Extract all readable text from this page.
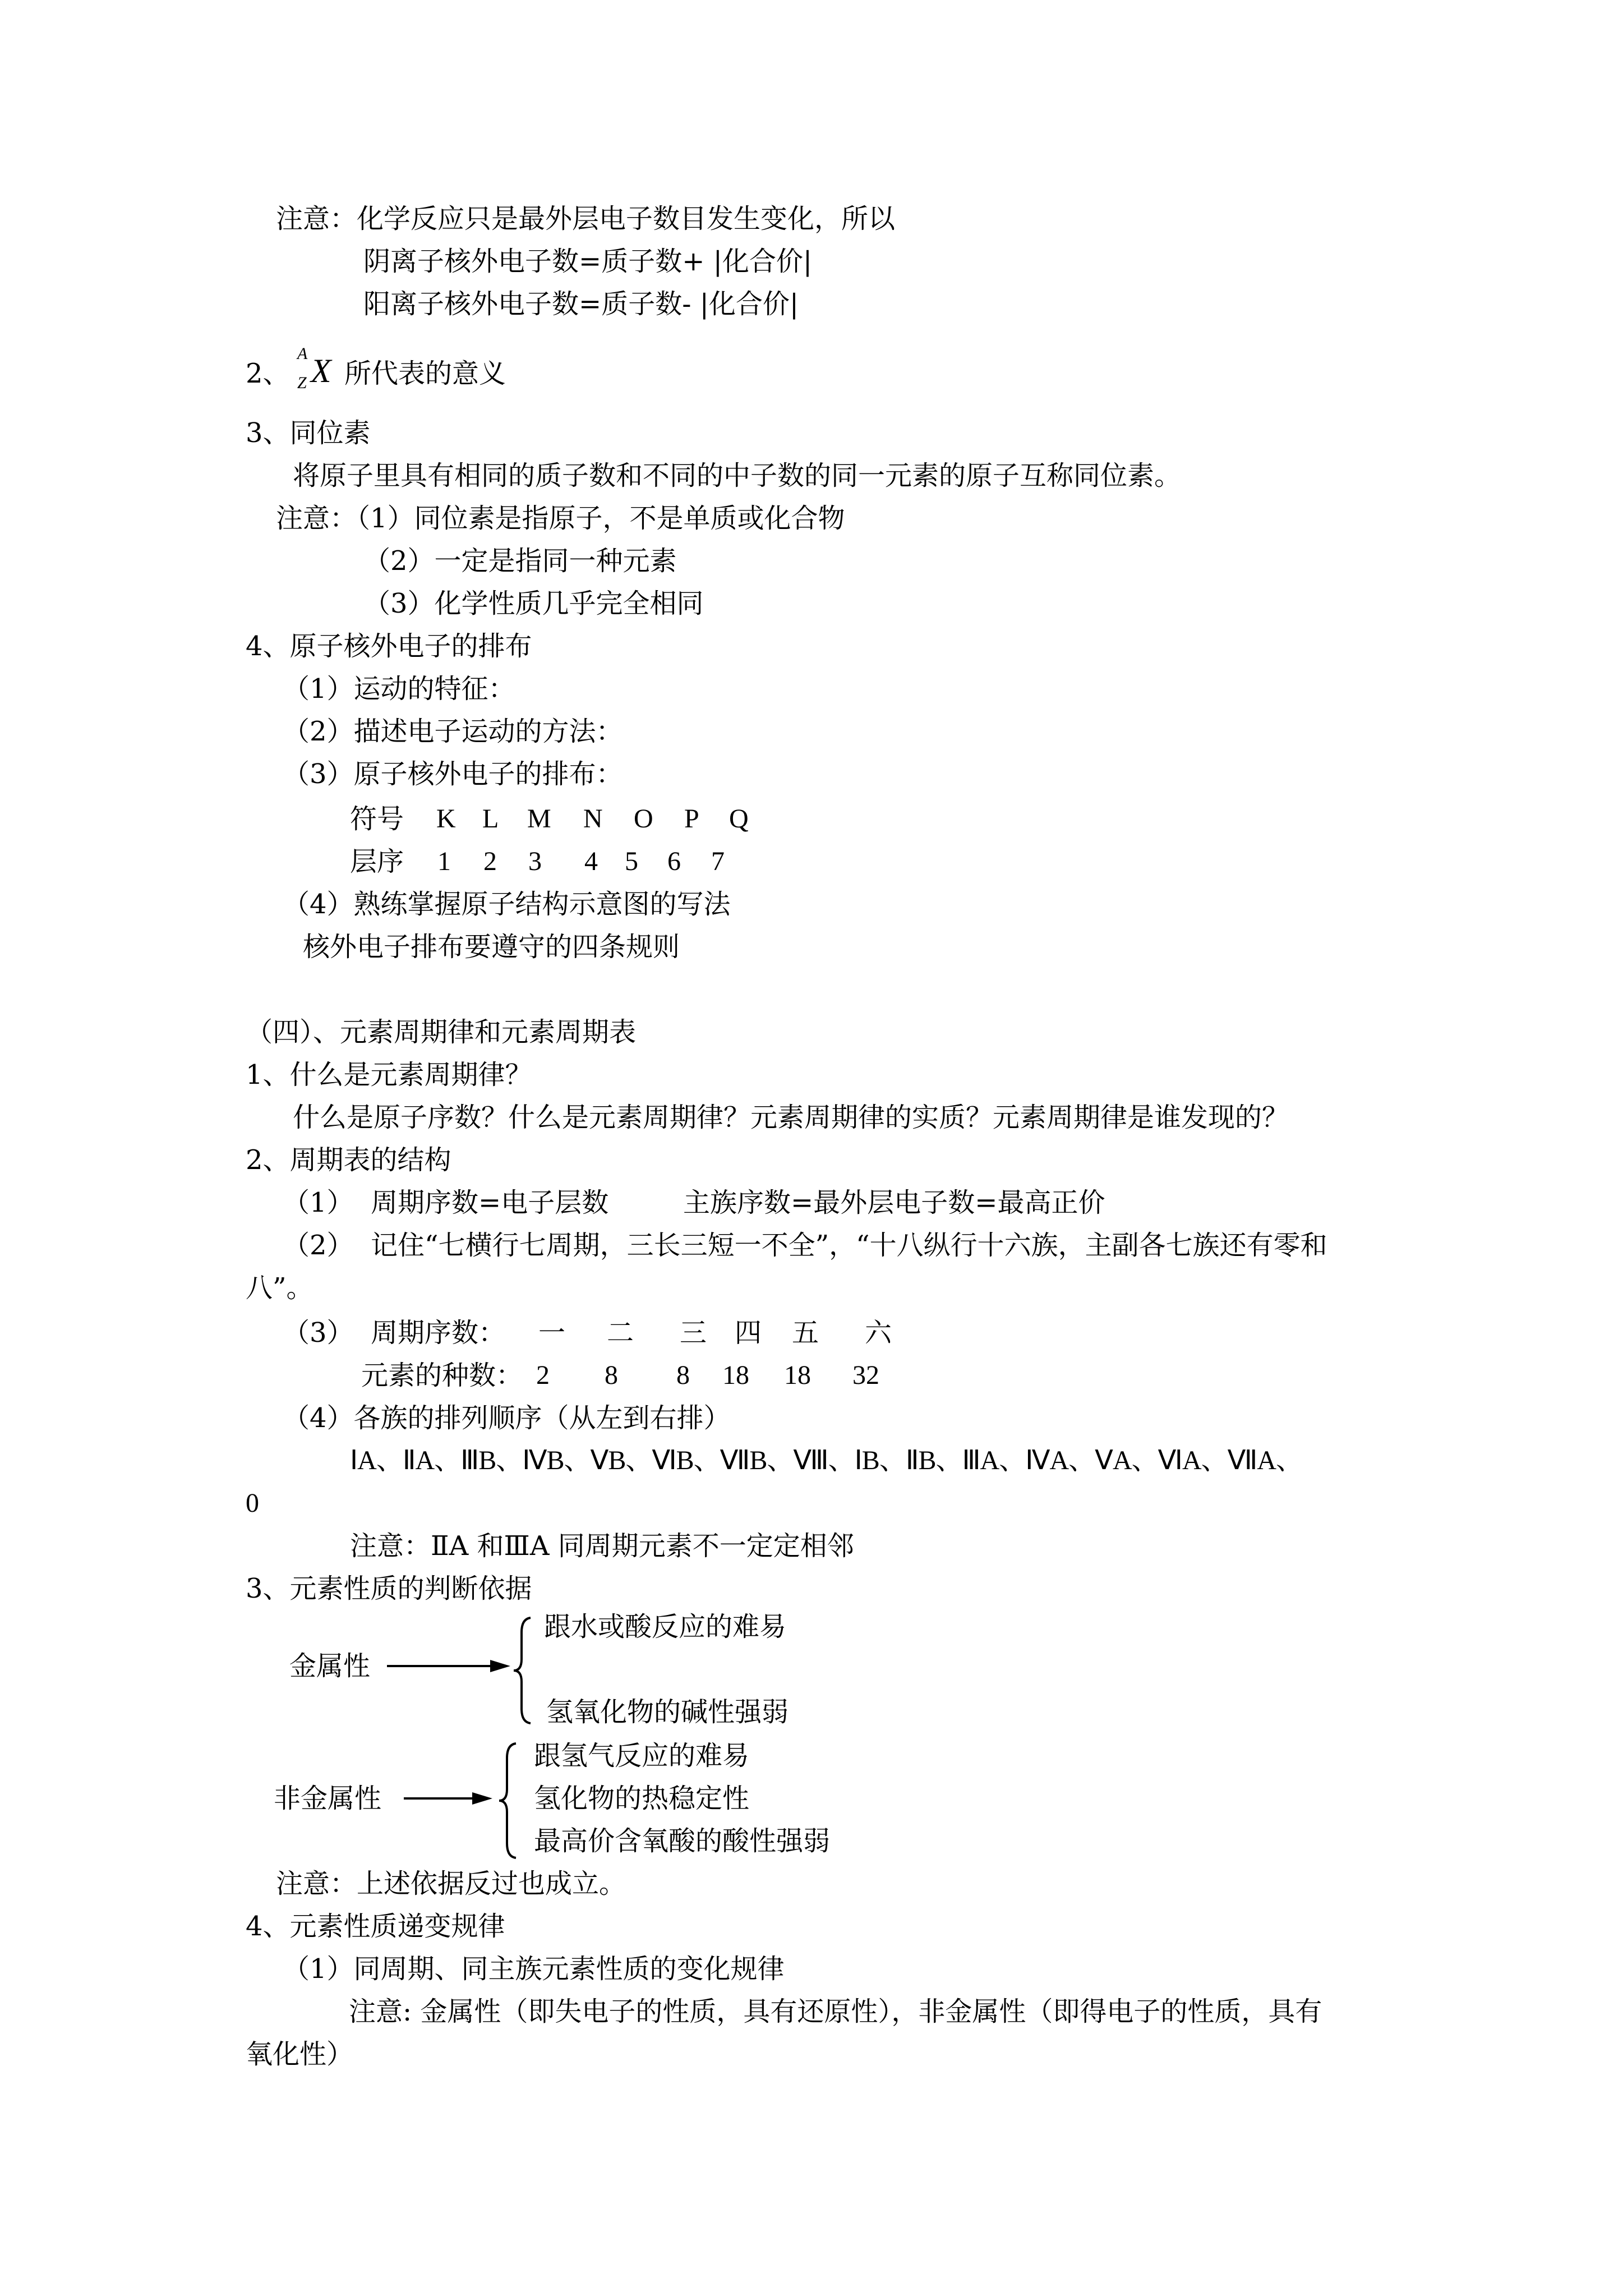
注意：化学反应只是最外层电子数目发生变化，所以

阴离子核外电子数=质子数+ |化合价|

阳离子核外电子数=质子数- |化合价|

2、
A
Z X 所代表的意义

3、同位素

将原子里具有相同的质子数和不同的中子数的同一元素的原子互称同位素。

注意：（1）同位素是指原子，不是单质或化合物

（2）一定是指同一种元素

（3）化学性质几乎完全相同

4、原子核外电子的排布

（1）运动的特征：

（2）描述电子运动的方法：

（3）原子核外电子的排布：

符号 K L M N O P Q
层序 1 2 3 4 5 6 7

（4）熟练掌握原子结构示意图的写法

核外电子排布要遵守的四条规则

（四）、元素周期律和元素周期表

1、什么是元素周期律？

什么是原子序数？什么是元素周期律？元素周期律的实质？元素周期律是谁发现的？

2、周期表的结构

（1）  周期序数=电子层数	主族序数=最外层电子数=最高正价

（2）  记住“七横行七周期，三长三短一不全”，“十八纵行十六族，主副各七族还有零和

八”。

（3）  周期序数： 一 二 三 四 五 六
元素的种数： 2 8 8 18 18 32

（4）各族的排列顺序（从左到右排）

ⅠA、ⅡA、ⅢB、ⅣB、ⅤB、ⅥB、ⅦB、Ⅷ、ⅠB、ⅡB、ⅢA、ⅣA、ⅤA、ⅥA、ⅦA、

0

注意：ⅡA 和ⅢA 同周期元素不一定定相邻

3、元素性质的判断依据

金属性
跟水或酸反应的难易
氢氧化物的碱性强弱
非金属性
跟氢气反应的难易
氢化物的热稳定性
最高价含氧酸的酸性强弱

注意：上述依据反过也成立。

4、元素性质递变规律

（1）同周期、同主族元素性质的变化规律

注意: 金属性（即失电子的性质，具有还原性），非金属性（即得电子的性质，具有

氧化性）
